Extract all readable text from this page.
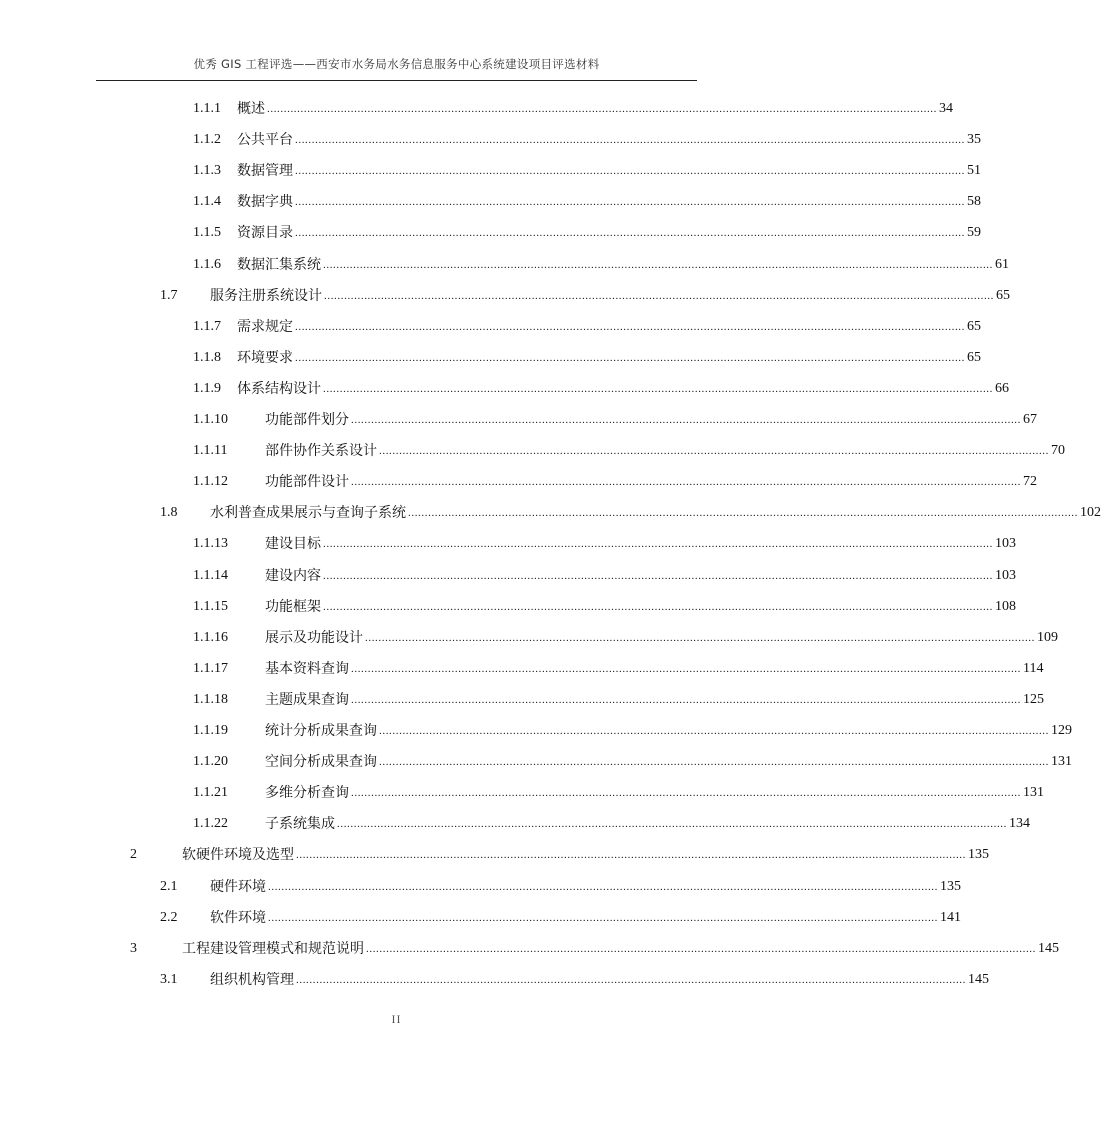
优秀 GIS 工程评选——西安市水务局水务信息服务中心系统建设项目评选材料
1.1.1	概述 ........................................................................................................................................................................................................ 34
1.1.2	公共平台 ........................................................................................................................................................................................................ 35
1.1.3	数据管理 ........................................................................................................................................................................................................ 51
1.1.4	数据字典 ........................................................................................................................................................................................................ 58
1.1.5	资源目录 ........................................................................................................................................................................................................ 59
1.1.6	数据汇集系统 ........................................................................................................................................................................................................ 61
1.7	服务注册系统设计 ........................................................................................................................................................................................................ 65
1.1.7	需求规定 ........................................................................................................................................................................................................ 65
1.1.8	环境要求 ........................................................................................................................................................................................................ 65
1.1.9	体系结构设计 ........................................................................................................................................................................................................ 66
1.1.10	功能部件划分 ........................................................................................................................................................................................................ 67
1.1.11	部件协作关系设计 ........................................................................................................................................................................................................ 70
1.1.12	功能部件设计 ........................................................................................................................................................................................................ 72
1.8	水利普查成果展示与查询子系统 ........................................................................................................................................................................................................ 102
1.1.13	建设目标 ........................................................................................................................................................................................................ 103
1.1.14	建设内容 ........................................................................................................................................................................................................ 103
1.1.15	功能框架 ........................................................................................................................................................................................................ 108
1.1.16	展示及功能设计 ........................................................................................................................................................................................................ 109
1.1.17	基本资料查询 ........................................................................................................................................................................................................ 114
1.1.18	主题成果查询 ........................................................................................................................................................................................................ 125
1.1.19	统计分析成果查询 ........................................................................................................................................................................................................ 129
1.1.20	空间分析成果查询 ........................................................................................................................................................................................................ 131
1.1.21	多维分析查询 ........................................................................................................................................................................................................ 131
1.1.22	子系统集成 ........................................................................................................................................................................................................ 134
2	软硬件环境及选型 ........................................................................................................................................................................................................ 135
2.1	硬件环境 ........................................................................................................................................................................................................ 135
2.2	软件环境 ........................................................................................................................................................................................................ 141
3	工程建设管理模式和规范说明 ........................................................................................................................................................................................................ 145
3.1	组织机构管理 ........................................................................................................................................................................................................ 145
II
